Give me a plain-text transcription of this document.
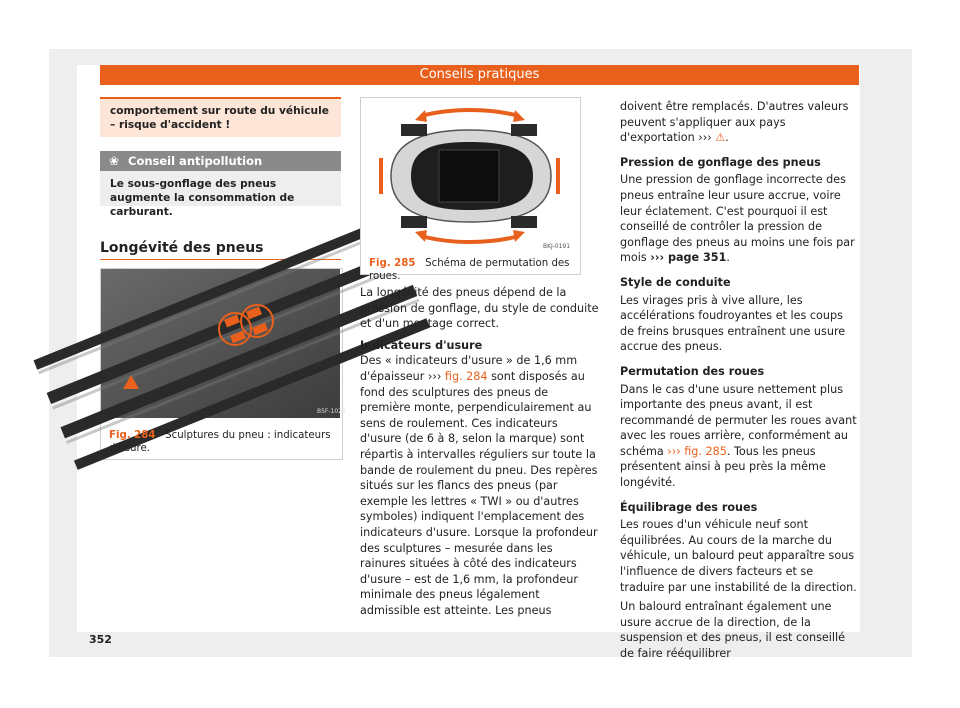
Conseils pratiques
comportement sur route du véhicule – risque d'accident !
❀ Conseil antipollution
Le sous-gonflage des pneus augmente la consommation de carburant.
Longévité des pneus
B5F-1025
Fig. 284 Sculptures du pneu : indicateurs d'usure.
BKJ-0191
Fig. 285 Schéma de permutation des roues.

La longévité des pneus dépend de la pression de gonflage, du style de conduite et d'un montage correct.

Indicateurs d'usure

Des « indicateurs d'usure » de 1,6 mm d'épaisseur ››› fig. 284 sont disposés au fond des sculptures des pneus de première monte, perpendiculairement au sens de roulement. Ces indicateurs d'usure (de 6 à 8, selon la marque) sont répartis à intervalles réguliers sur toute la bande de roulement du pneu. Des repères situés sur les flancs des pneus (par exemple les lettres « TWI » ou d'autres symboles) indiquent l'emplacement des indicateurs d'usure. Lorsque la profondeur des sculptures – mesurée dans les rainures situées à côté des indicateurs d'usure – est de 1,6 mm, la profondeur minimale des pneus légalement admissible est atteinte. Les pneus

doivent être remplacés. D'autres valeurs peuvent s'appliquer aux pays d'exportation ››› ⚠.

Pression de gonflage des pneus

Une pression de gonflage incorrecte des pneus entraîne leur usure accrue, voire leur éclatement. C'est pourquoi il est conseillé de contrôler la pression de gonflage des pneus au moins une fois par mois ››› page 351.

Style de conduite

Les virages pris à vive allure, les accélérations foudroyantes et les coups de freins brusques entraînent une usure accrue des pneus.

Permutation des roues

Dans le cas d'une usure nettement plus importante des pneus avant, il est recommandé de permuter les roues avant avec les roues arrière, conformément au schéma ››› fig. 285. Tous les pneus présentent ainsi à peu près la même longévité.

Équilibrage des roues

Les roues d'un véhicule neuf sont équilibrées. Au cours de la marche du véhicule, un balourd peut apparaître sous l'influence de divers facteurs et se traduire par une instabilité de la direction.

Un balourd entraînant également une usure accrue de la direction, de la suspension et des pneus, il est conseillé de faire rééquilibrer

352
